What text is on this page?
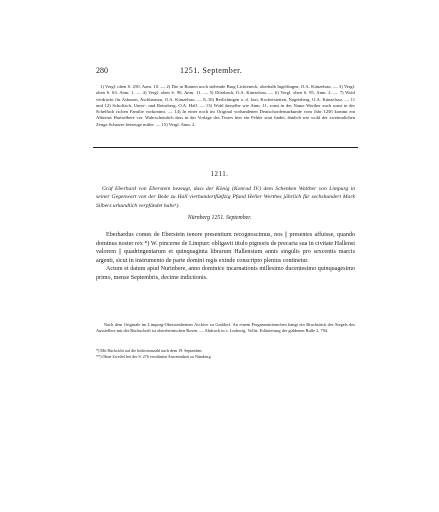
280	1251. September.

1) Vergl. oben S. 250, Anm. 10. — 2) Die in Ruinen noch stehende Burg Lichteneck, oberhalb Ingelfingen, O.A. Künzelsau. — 3) Vergl. oben S. 63, Anm. 1. — 4) Vergl. oben S. 90, Anm. 11. — 5) Dörzbach, O.A. Künzelsau. — 6) Vergl. oben S. 95, Anm. 2. — 7) Wohl verdruckt für Asbusen, Aschhausen, O.A. Künzelsau. — 8–10) Berlichingen a. d. Jaxt, Kocherstetten, Nagelsberg, O.A. Künzelsau. — 11 und 12) Schoffach, Unter-, und Reinsberg, O.A. Hall. — 13) Wohl dasselbe wie Anm. 11, sonst in der Name Werther auch sonst in der Scheffach ischen Familie vorkommt. — 14) In einer noch im Original vorhandenen Deutschordensurkunde vom Jahr 1256 kommt ein Albertus Hartselbere vor. Wahrscheinlich dass in der Vorlage des Textes hier ein Fehler statt findet, ähnlich wie wohl der zweimalichen Zeuge Schatzer beizeuge mithe. — 15) Vergl. Anm. 2.

1211.

Graf Eberhard von Eberstein bezeugt, dass der König (Konrad IV.) dem Schenken Walther von Limpurg in seiner Gegenwart von der Bede zu Hall vierhundertfünfzig Pfund Heller Werthes jährlich für sechshundert Mark Silbers urkundlich verpfändet habe¹).

Nürnberg 1251. September.

Eberhardus comes de Eberstein tenore presentium recognoscimus, nos || presentes affuisse, quando dominus noster rex *) W. pincerne de Limpurc obligavit titulo pignoris de precaria sua in civitate Hallensi valorem || quadringentarum et quinquaginta librarum Hallensium annis singulis pro sexcentis marcis argenti, sicut in instrumento de parte domini regis exinde conscripto plenius continetur.

Actum et datum apud Nurinbere, anno dominice incarnationis millesimo ducentesimo quinquagesimo primo, mense Septembris, decime indictionis.

Nach dem Originale im Limpurg-Obersontheimer Archive zu Gaildorf. An einem Pergamentriemchen hängt ein Bruchstück des Siegels des Ausstellers mit der Rückschrift ist oberrheinischen Rosen. — Abdruck in v. Ludewig, Vollst. Erläuterung der güldenen Bulle 2, 794.

*) Mit Rücksicht auf die Indictionszahl nach dem 19. September.

**) Ohne Zweifel bei der S. 276 erwähnten Anwesenheit zu Nürnberg.
